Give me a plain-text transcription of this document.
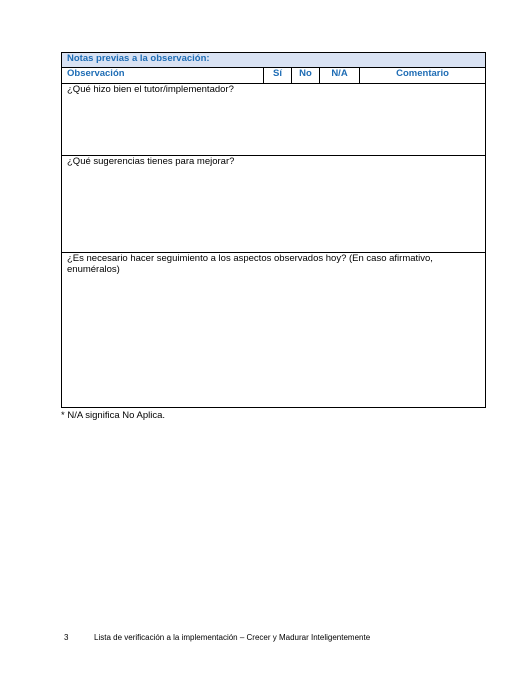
Notas previas a la observación:
Observación	Sí	No	N/A	Comentario
¿Qué hizo bien el tutor/implementador?
¿Qué sugerencias tienes para mejorar?
¿Es necesario hacer seguimiento a los aspectos observados hoy? (En caso afirmativo, enuméralos)
* N/A significa No Aplica.
3	Lista de verificación a la implementación – Crecer y Madurar Inteligentemente
